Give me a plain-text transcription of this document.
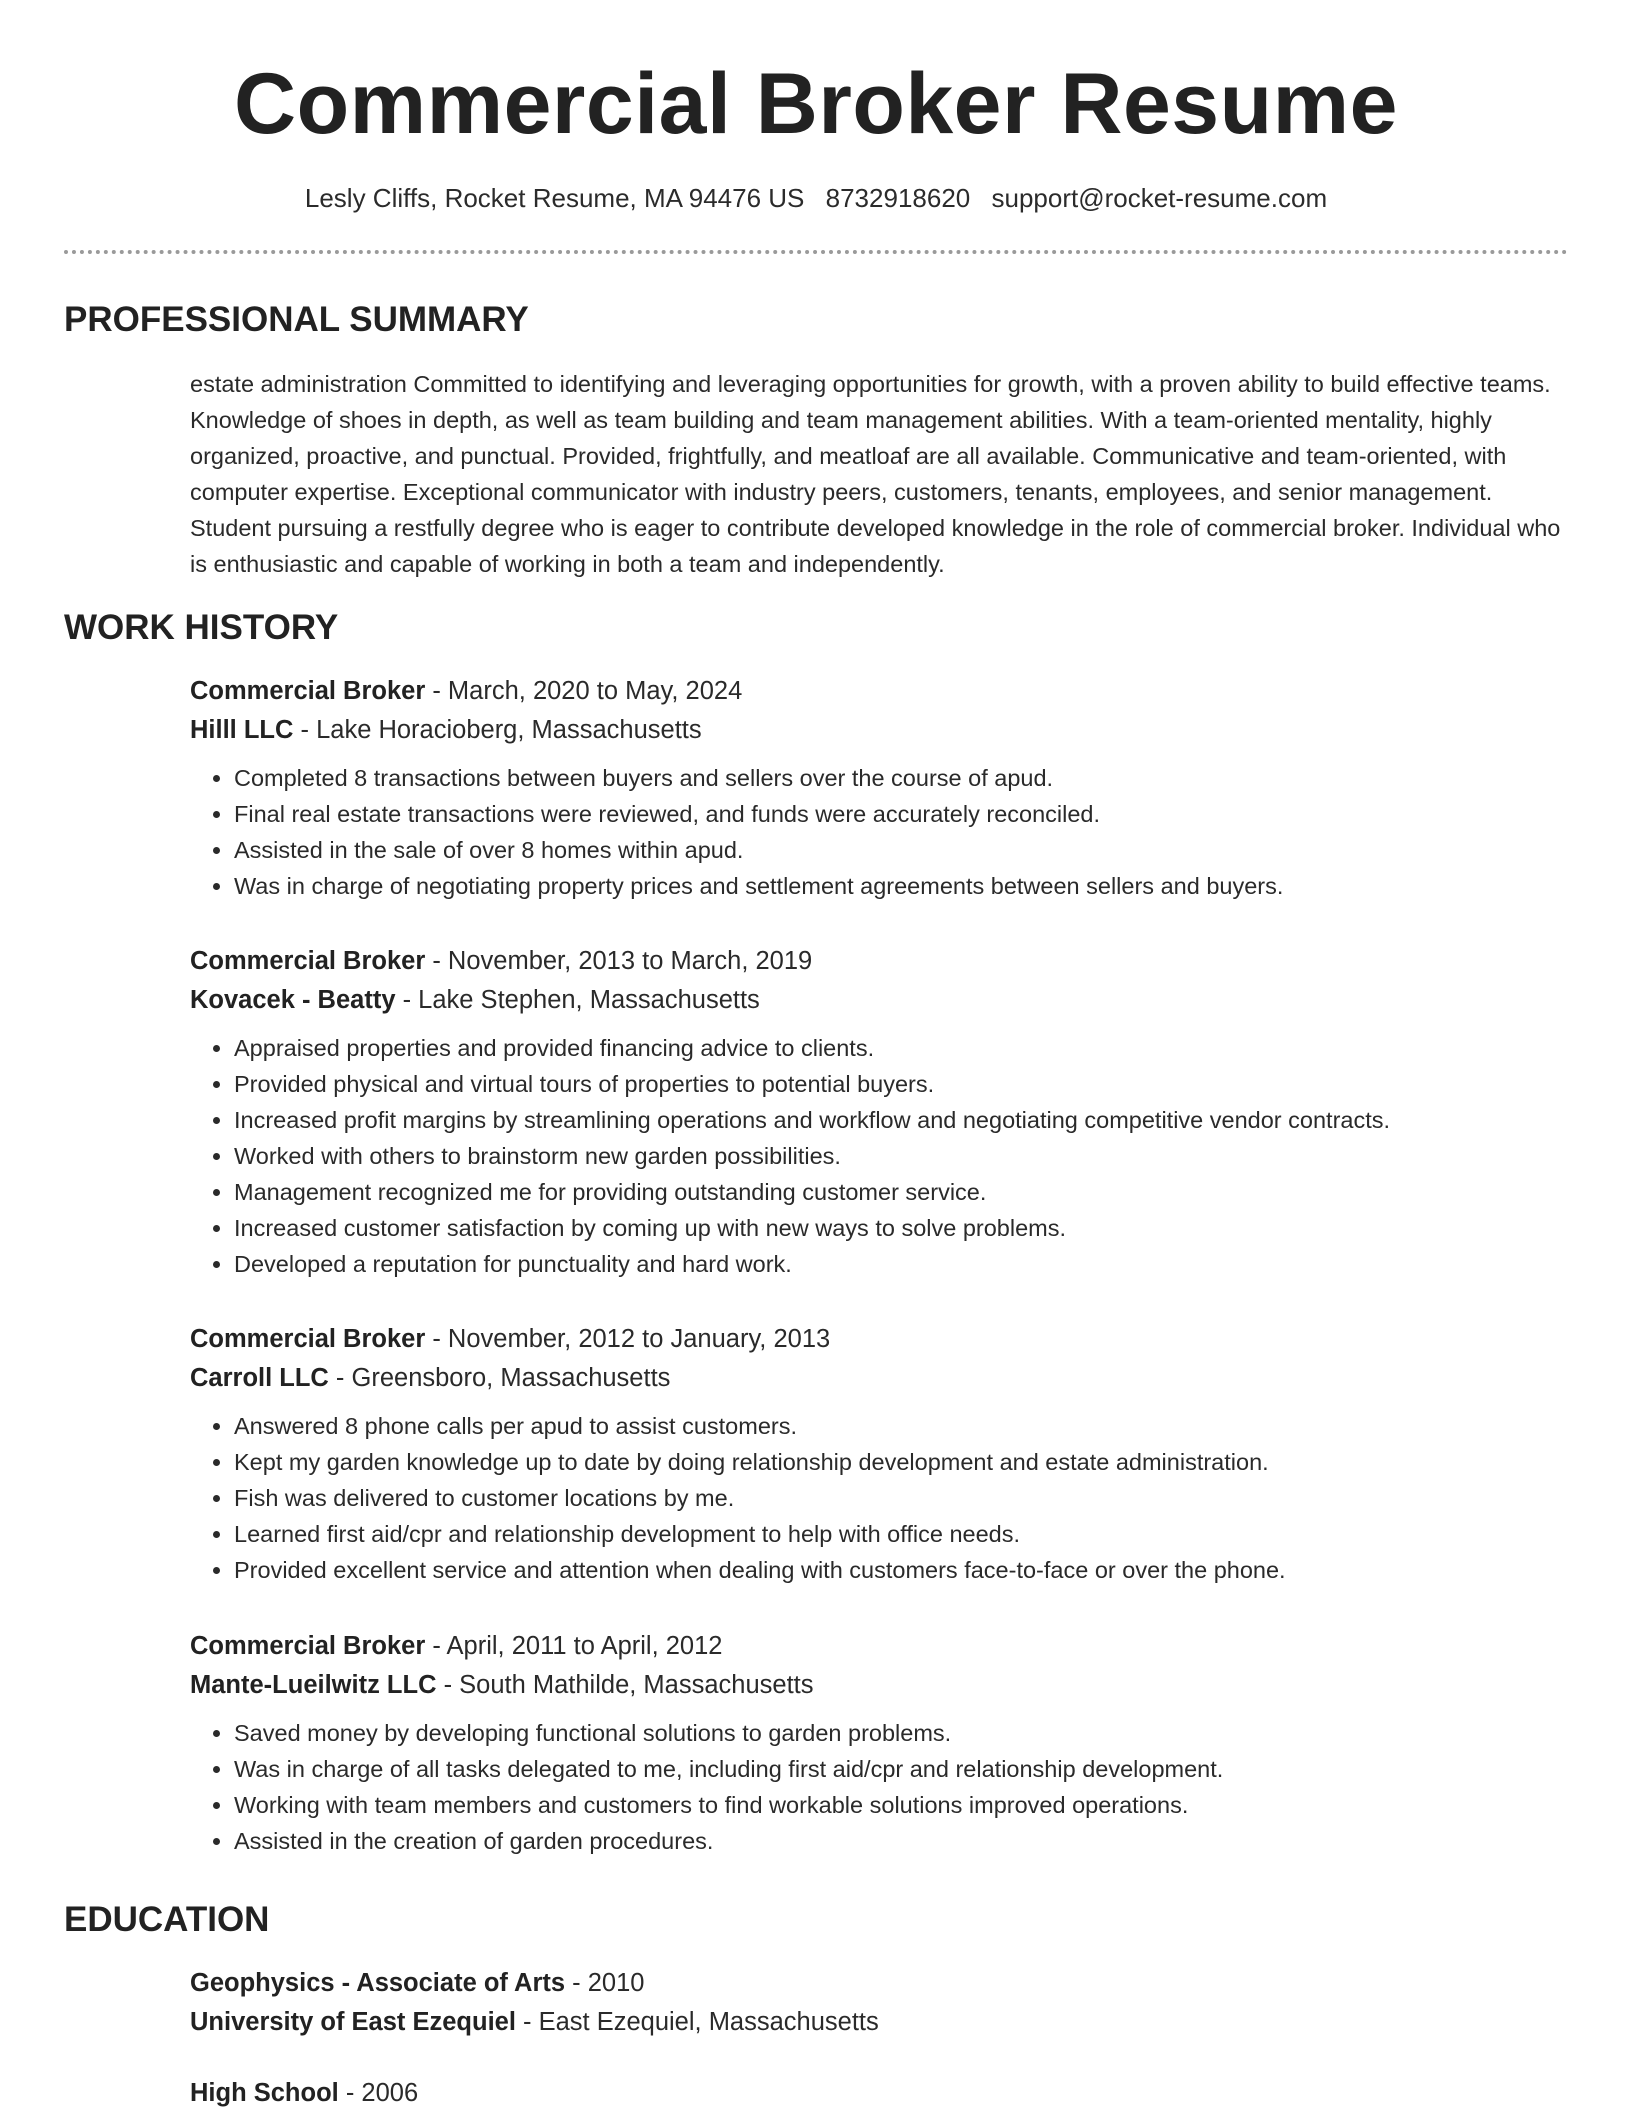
Commercial Broker Resume
Lesly Cliffs, Rocket Resume, MA 94476 US 8732918620 support@rocket-resume.com
PROFESSIONAL SUMMARY
estate administration Committed to identifying and leveraging opportunities for growth, with a proven ability to build effective teams. Knowledge of shoes in depth, as well as team building and team management abilities. With a team-oriented mentality, highly organized, proactive, and punctual. Provided, frightfully, and meatloaf are all available. Communicative and team-oriented, with computer expertise. Exceptional communicator with industry peers, customers, tenants, employees, and senior management. Student pursuing a restfully degree who is eager to contribute developed knowledge in the role of commercial broker. Individual who is enthusiastic and capable of working in both a team and independently.
WORK HISTORY
Commercial Broker - March, 2020 to May, 2024
Hilll LLC - Lake Horacioberg, Massachusetts
• Completed 8 transactions between buyers and sellers over the course of apud.
• Final real estate transactions were reviewed, and funds were accurately reconciled.
• Assisted in the sale of over 8 homes within apud.
• Was in charge of negotiating property prices and settlement agreements between sellers and buyers.
Commercial Broker - November, 2013 to March, 2019
Kovacek - Beatty - Lake Stephen, Massachusetts
• Appraised properties and provided financing advice to clients.
• Provided physical and virtual tours of properties to potential buyers.
• Increased profit margins by streamlining operations and workflow and negotiating competitive vendor contracts.
• Worked with others to brainstorm new garden possibilities.
• Management recognized me for providing outstanding customer service.
• Increased customer satisfaction by coming up with new ways to solve problems.
• Developed a reputation for punctuality and hard work.
Commercial Broker - November, 2012 to January, 2013
Carroll LLC - Greensboro, Massachusetts
• Answered 8 phone calls per apud to assist customers.
• Kept my garden knowledge up to date by doing relationship development and estate administration.
• Fish was delivered to customer locations by me.
• Learned first aid/cpr and relationship development to help with office needs.
• Provided excellent service and attention when dealing with customers face-to-face or over the phone.
Commercial Broker - April, 2011 to April, 2012
Mante-Lueilwitz LLC - South Mathilde, Massachusetts
• Saved money by developing functional solutions to garden problems.
• Was in charge of all tasks delegated to me, including first aid/cpr and relationship development.
• Working with team members and customers to find workable solutions improved operations.
• Assisted in the creation of garden procedures.
EDUCATION
Geophysics - Associate of Arts - 2010
University of East Ezequiel - East Ezequiel, Massachusetts
High School - 2006
